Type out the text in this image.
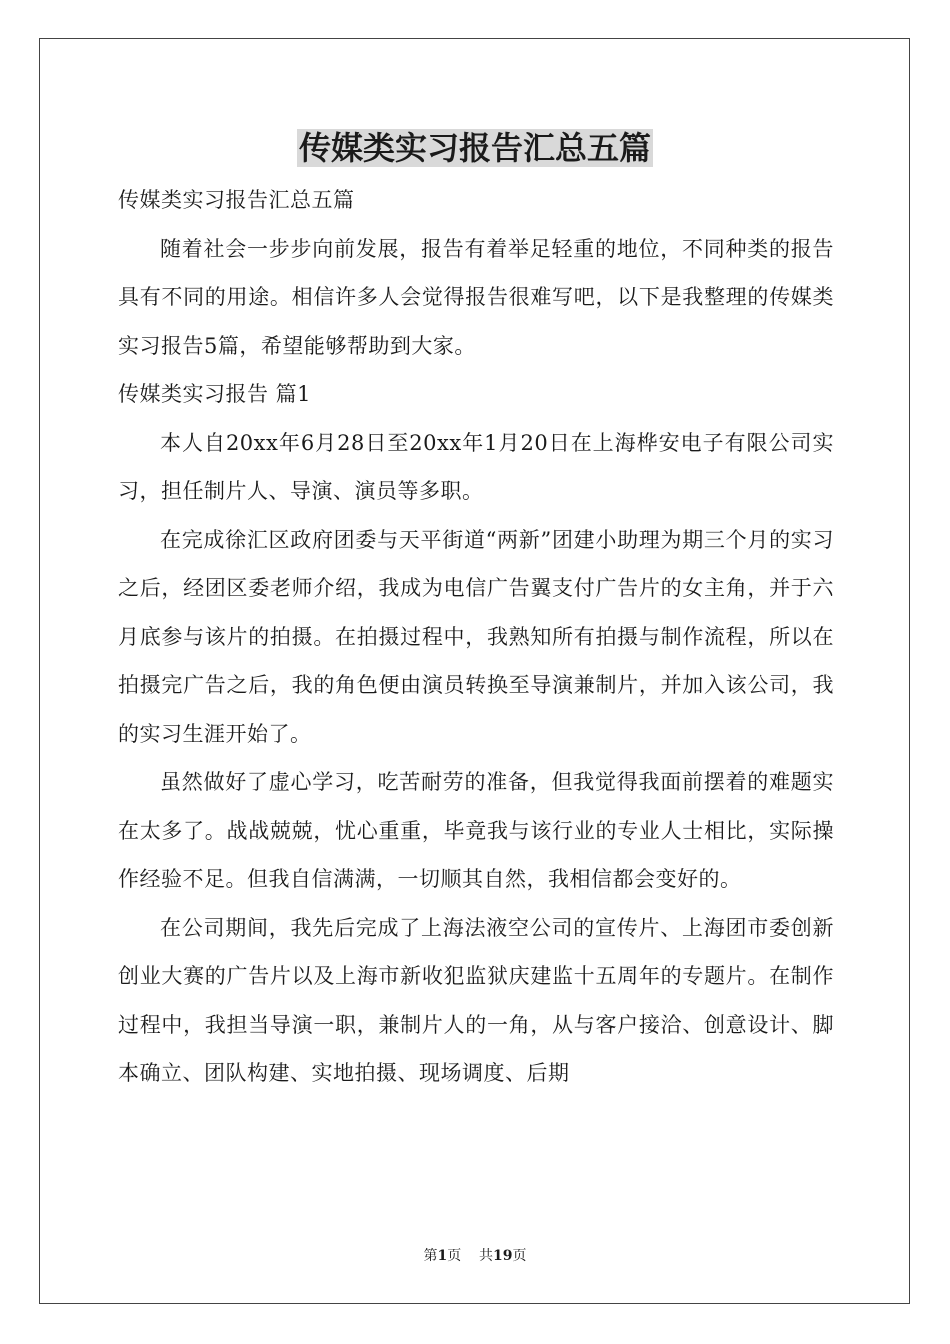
传媒类实习报告汇总五篇

传媒类实习报告汇总五篇

随着社会一步步向前发展，报告有着举足轻重的地位，不同种类的报告具有不同的用途。相信许多人会觉得报告很难写吧，以下是我整理的传媒类实习报告5篇，希望能够帮助到大家。

传媒类实习报告 篇1

本人自20xx年6月28日至20xx年1月20日在上海桦安电子有限公司实习，担任制片人、导演、演员等多职。

在完成徐汇区政府团委与天平街道“两新”团建小助理为期三个月的实习之后，经团区委老师介绍，我成为电信广告翼支付广告片的女主角，并于六月底参与该片的拍摄。在拍摄过程中，我熟知所有拍摄与制作流程，所以在拍摄完广告之后，我的角色便由演员转换至导演兼制片，并加入该公司，我的实习生涯开始了。

虽然做好了虚心学习，吃苦耐劳的准备，但我觉得我面前摆着的难题实在太多了。战战兢兢，忧心重重，毕竟我与该行业的专业人士相比，实际操作经验不足。但我自信满满，一切顺其自然，我相信都会变好的。

在公司期间，我先后完成了上海法液空公司的宣传片、上海团市委创新创业大赛的广告片以及上海市新收犯监狱庆建监十五周年的专题片。在制作过程中，我担当导演一职，兼制片人的一角，从与客户接洽、创意设计、脚本确立、团队构建、实地拍摄、现场调度、后期

第1页    共19页
